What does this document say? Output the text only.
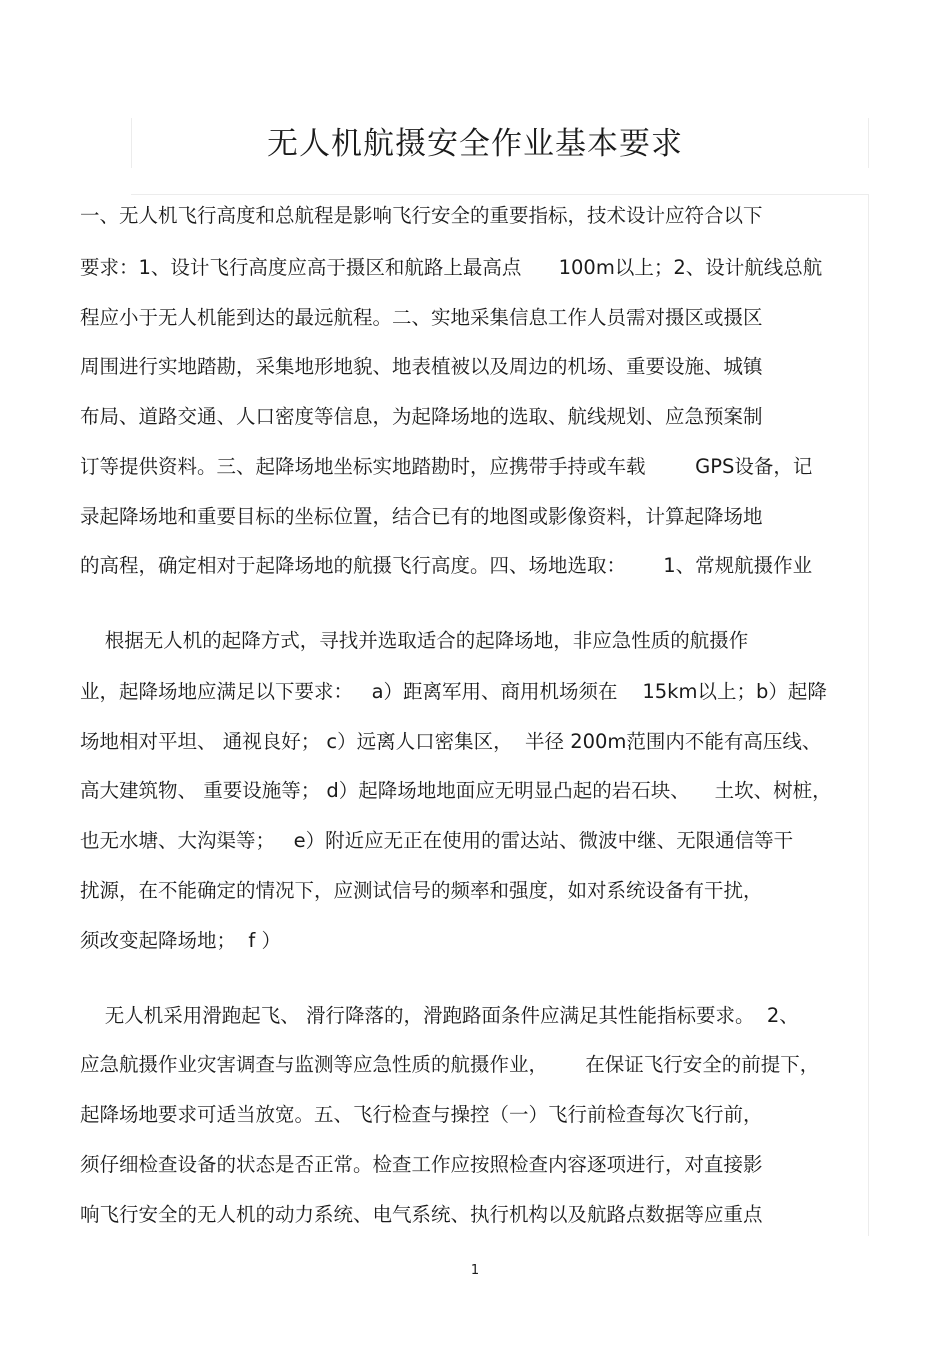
无人机航摄安全作业基本要求
一、无人机飞行高度和总航程是影响飞行安全的重要指标，技术设计应符合以下
要求：1、设计飞行高度应高于摄区和航路上最高点      100m以上；2、设计航线总航
程应小于无人机能到达的最远航程。二、实地采集信息工作人员需对摄区或摄区
周围进行实地踏勘，采集地形地貌、地表植被以及周边的机场、重要设施、城镇
布局、道路交通、人口密度等信息，为起降场地的选取、航线规划、应急预案制
订等提供资料。三、起降场地坐标实地踏勘时，应携带手持或车载        GPS设备，记
录起降场地和重要目标的坐标位置，结合已有的地图或影像资料，计算起降场地
的高程，确定相对于起降场地的航摄飞行高度。四、场地选取：      1、常规航摄作业
根据无人机的起降方式，寻找并选取适合的起降场地，非应急性质的航摄作
业，起降场地应满足以下要求：   a）距离军用、商用机场须在    15km以上；b）起降
场地相对平坦、 通视良好； c）远离人口密集区，  半径 200m范围内不能有高压线、
高大建筑物、 重要设施等； d）起降场地地面应无明显凸起的岩石块、    土坎、树桩，
也无水塘、大沟渠等；   e）附近应无正在使用的雷达站、微波中继、无限通信等干
扰源，在不能确定的情况下，应测试信号的频率和强度，如对系统设备有干扰，
须改变起降场地；  f ）
无人机采用滑跑起飞、 滑行降落的，滑跑路面条件应满足其性能指标要求。  2、
应急航摄作业灾害调查与监测等应急性质的航摄作业，      在保证飞行安全的前提下，
起降场地要求可适当放宽。五、飞行检查与操控（一）飞行前检查每次飞行前，
须仔细检查设备的状态是否正常。检查工作应按照检查内容逐项进行，对直接影
响飞行安全的无人机的动力系统、电气系统、执行机构以及航路点数据等应重点
1
